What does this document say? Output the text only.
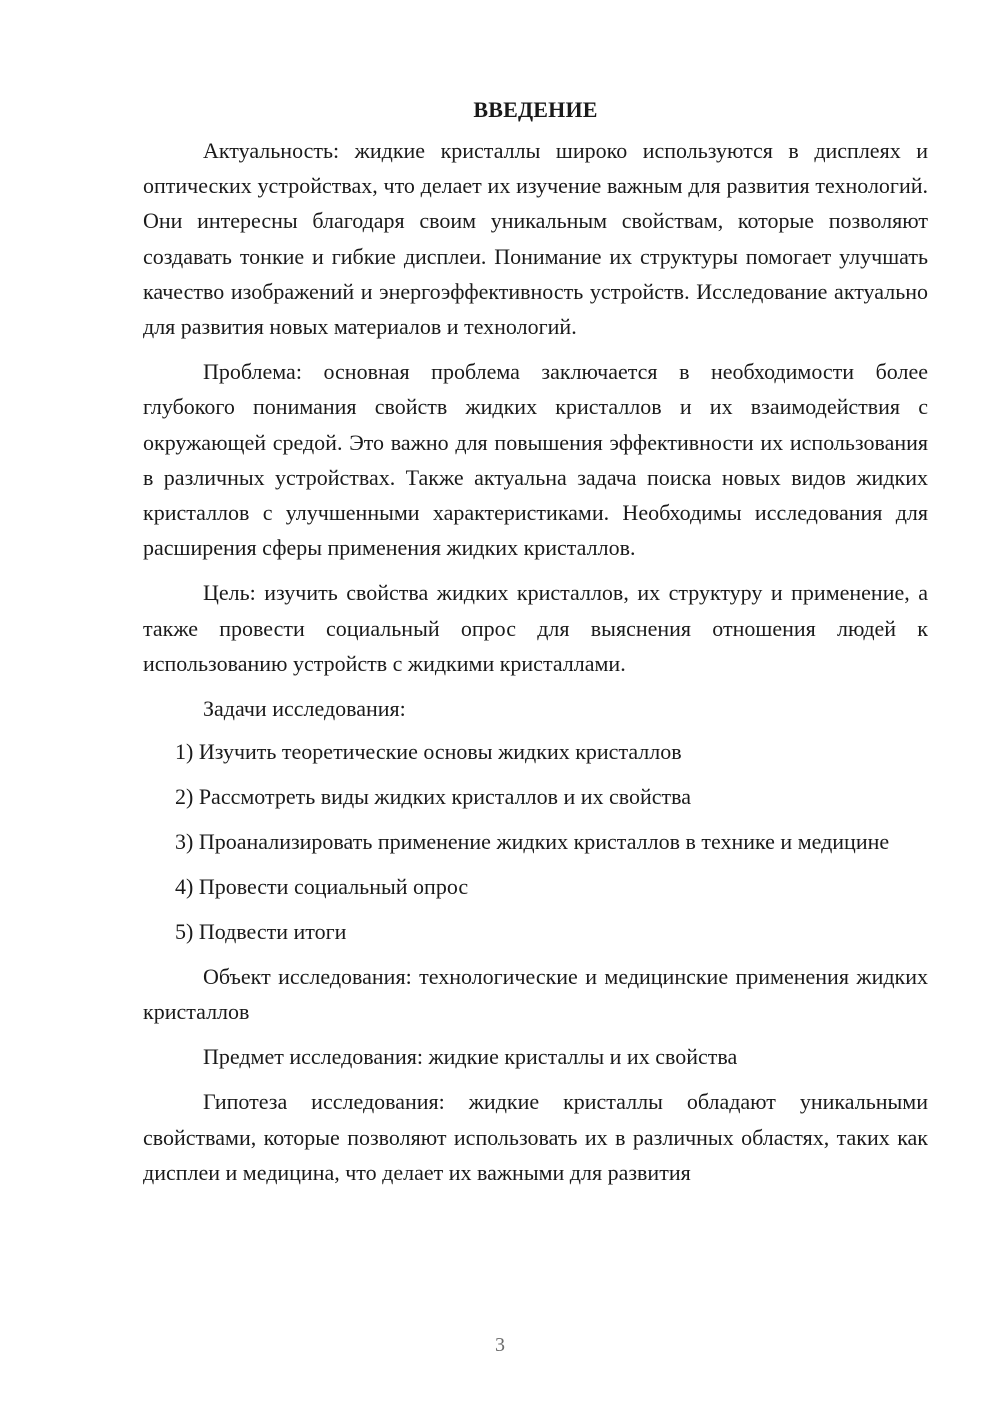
ВВЕДЕНИЕ

Актуальность: жидкие кристаллы широко используются в дисплеях и оптических устройствах, что делает их изучение важным для развития технологий. Они интересны благодаря своим уникальным свойствам, которые позволяют создавать тонкие и гибкие дисплеи. Понимание их структуры помогает улучшать качество изображений и энергоэффективность устройств. Исследование актуально для развития новых материалов и технологий.

Проблема: основная проблема заключается в необходимости более глубокого понимания свойств жидких кристаллов и их взаимодействия с окружающей средой. Это важно для повышения эффективности их использования в различных устройствах. Также актуальна задача поиска новых видов жидких кристаллов с улучшенными характеристиками. Необходимы исследования для расширения сферы применения жидких кристаллов.

Цель: изучить свойства жидких кристаллов, их структуру и применение, а также провести социальный опрос для выяснения отношения людей к использованию устройств с жидкими кристаллами.

Задачи исследования:

1) Изучить теоретические основы жидких кристаллов

2) Рассмотреть виды жидких кристаллов и их свойства

3) Проанализировать применение жидких кристаллов в технике и медицине

4) Провести социальный опрос

5) Подвести итоги

Объект исследования: технологические и медицинские применения жидких кристаллов

Предмет исследования: жидкие кристаллы и их свойства

Гипотеза исследования: жидкие кристаллы обладают уникальными свойствами, которые позволяют использовать их в различных областях, таких как дисплеи и медицина, что делает их важными для развития

3
